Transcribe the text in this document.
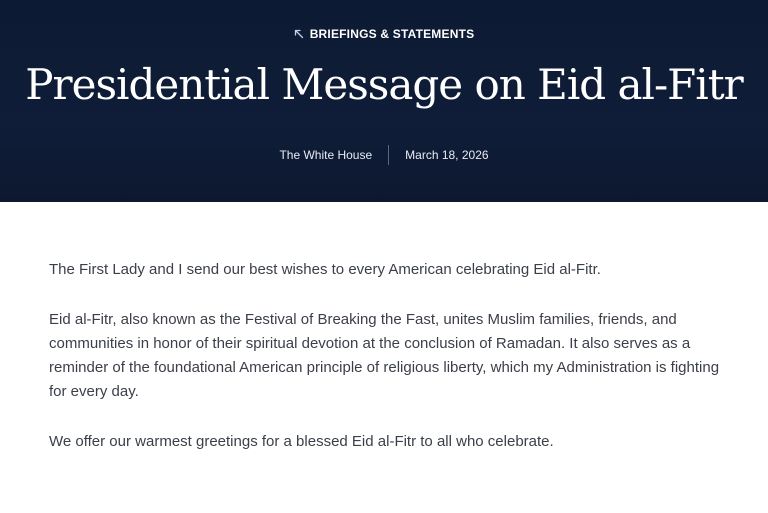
BRIEFINGS & STATEMENTS
Presidential Message on Eid al-Fitr
The White House	March 18, 2026

The First Lady and I send our best wishes to every American celebrating Eid al-Fitr.

Eid al-Fitr, also known as the Festival of Breaking the Fast, unites Muslim families, friends, and communities in honor of their spiritual devotion at the conclusion of Ramadan. It also serves as a reminder of the foundational American principle of religious liberty, which my Administration is fighting for every day.

We offer our warmest greetings for a blessed Eid al-Fitr to all who celebrate.
